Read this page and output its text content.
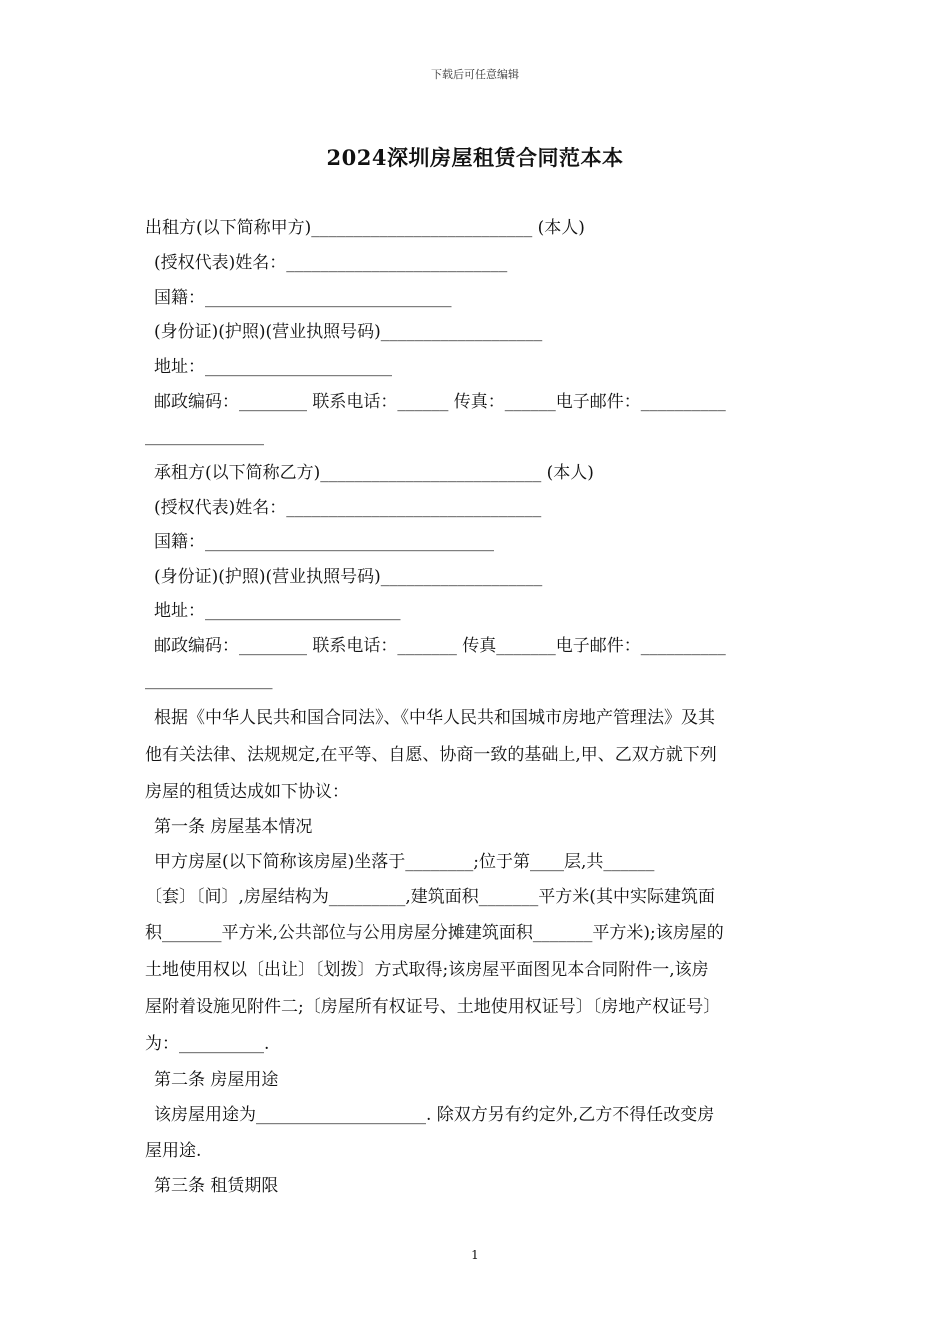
下载后可任意编辑
2024深圳房屋租赁合同范本本
出租方(以下简称甲方)__________________________ (本人)
(授权代表)姓名：__________________________
国籍：_____________________________
(身份证)(护照)(营业执照号码)___________________
地址：______________________
邮政编码：________ 联系电话：______ 传真：______电子邮件：__________
______________
承租方(以下简称乙方)__________________________ (本人)
(授权代表)姓名：______________________________
国籍：__________________________________
(身份证)(护照)(营业执照号码)___________________
地址：_______________________
邮政编码：________ 联系电话：_______ 传真_______电子邮件：__________
_______________
根据《中华人民共和国合同法》、《中华人民共和国城市房地产管理法》及其
他有关法律、法规规定,在平等、自愿、协商一致的基础上,甲、乙双方就下列
房屋的租赁达成如下协议：
第一条 房屋基本情况
甲方房屋(以下简称该房屋)坐落于________;位于第____层,共______
〔套〕〔间〕,房屋结构为_________,建筑面积_______平方米(其中实际建筑面
积_______平方米,公共部位与公用房屋分摊建筑面积_______平方米);该房屋的
土地使用权以〔出让〕〔划拨〕方式取得;该房屋平面图见本合同附件一,该房
屋附着设施见附件二;〔房屋所有权证号、土地使用权证号〕〔房地产权证号〕
为：__________.
第二条 房屋用途
该房屋用途为____________________. 除双方另有约定外,乙方不得任改变房
屋用途.
第三条 租赁期限
1
